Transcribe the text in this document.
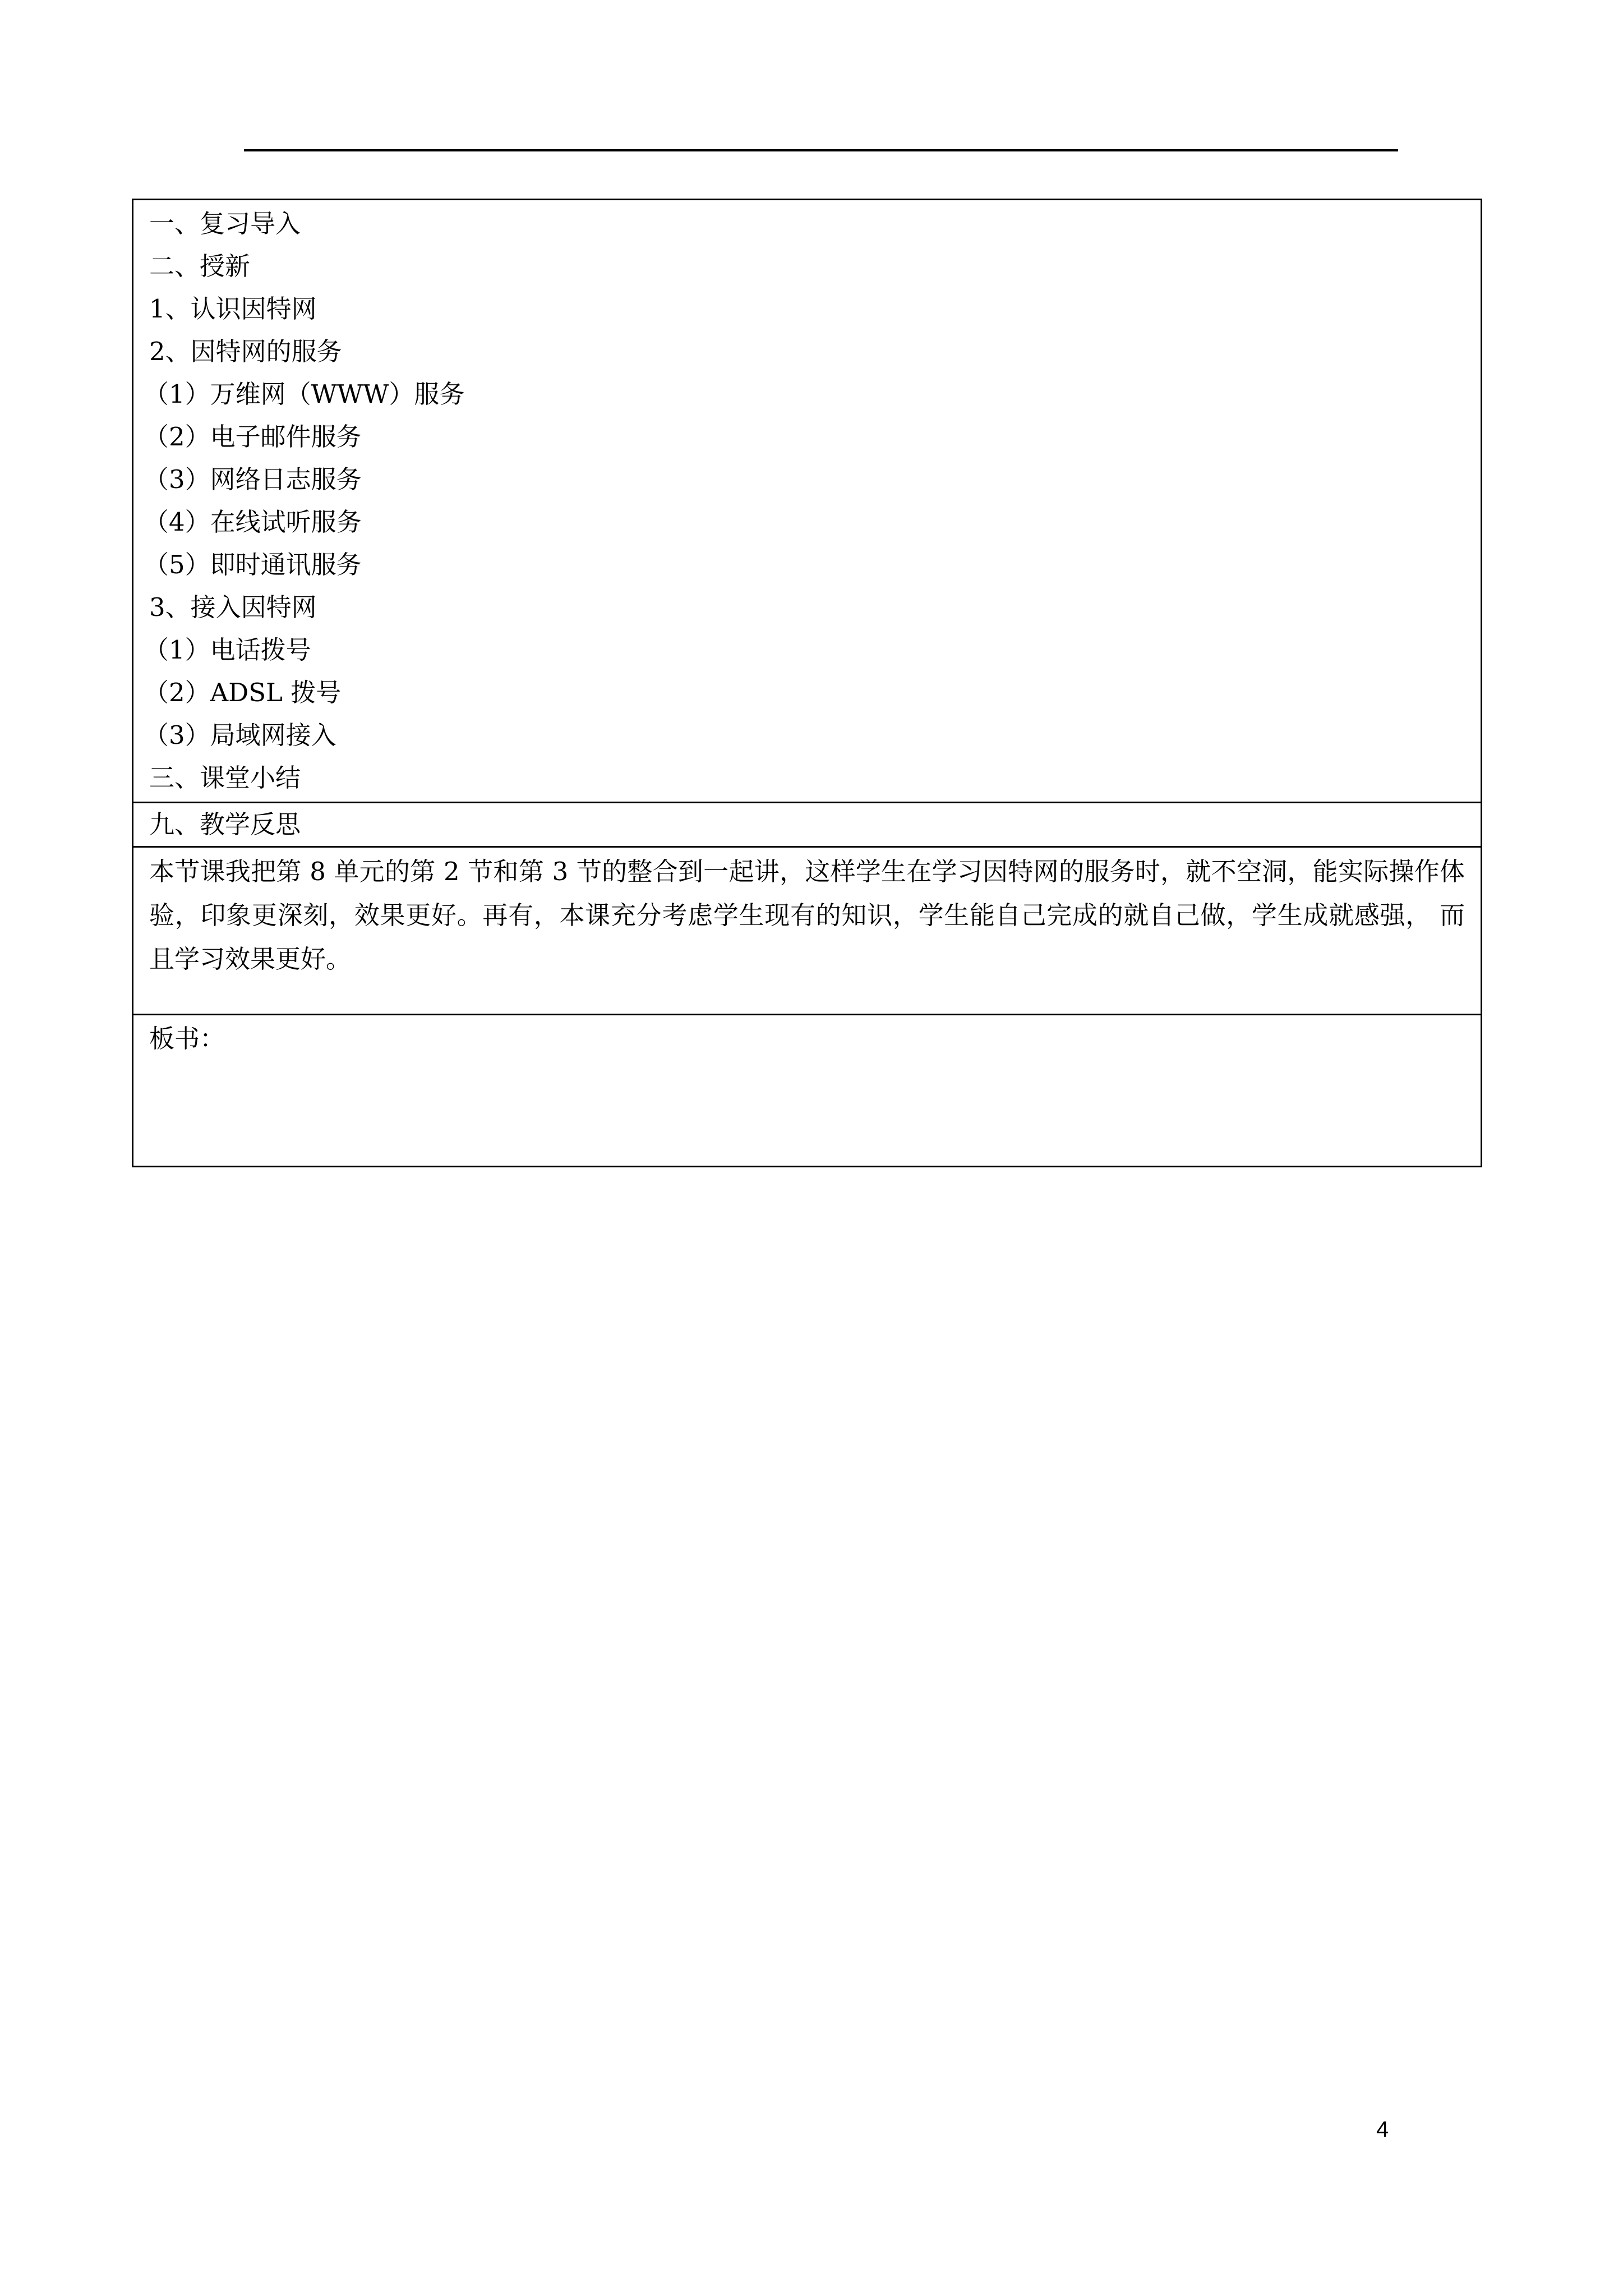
一、复习导入
二、授新
1、认识因特网
2、因特网的服务
（1）万维网（WWW）服务
（2）电子邮件服务
（3）网络日志服务
（4）在线试听服务
（5）即时通讯服务
3、接入因特网
（1）电话拨号
（2）ADSL 拨号
（3）局域网接入
三、课堂小结

九、教学反思
本节课我把第 8 单元的第 2 节和第 3 节的整合到一起讲，这样学生在学习因特网的服务时，就不空洞，能实际操作体验，印象更深刻，效果更好。再有，本课充分考虑学生现有的知识，学生能自己完成的就自己做，学生成就感强， 而且学习效果更好。
板书：
4
